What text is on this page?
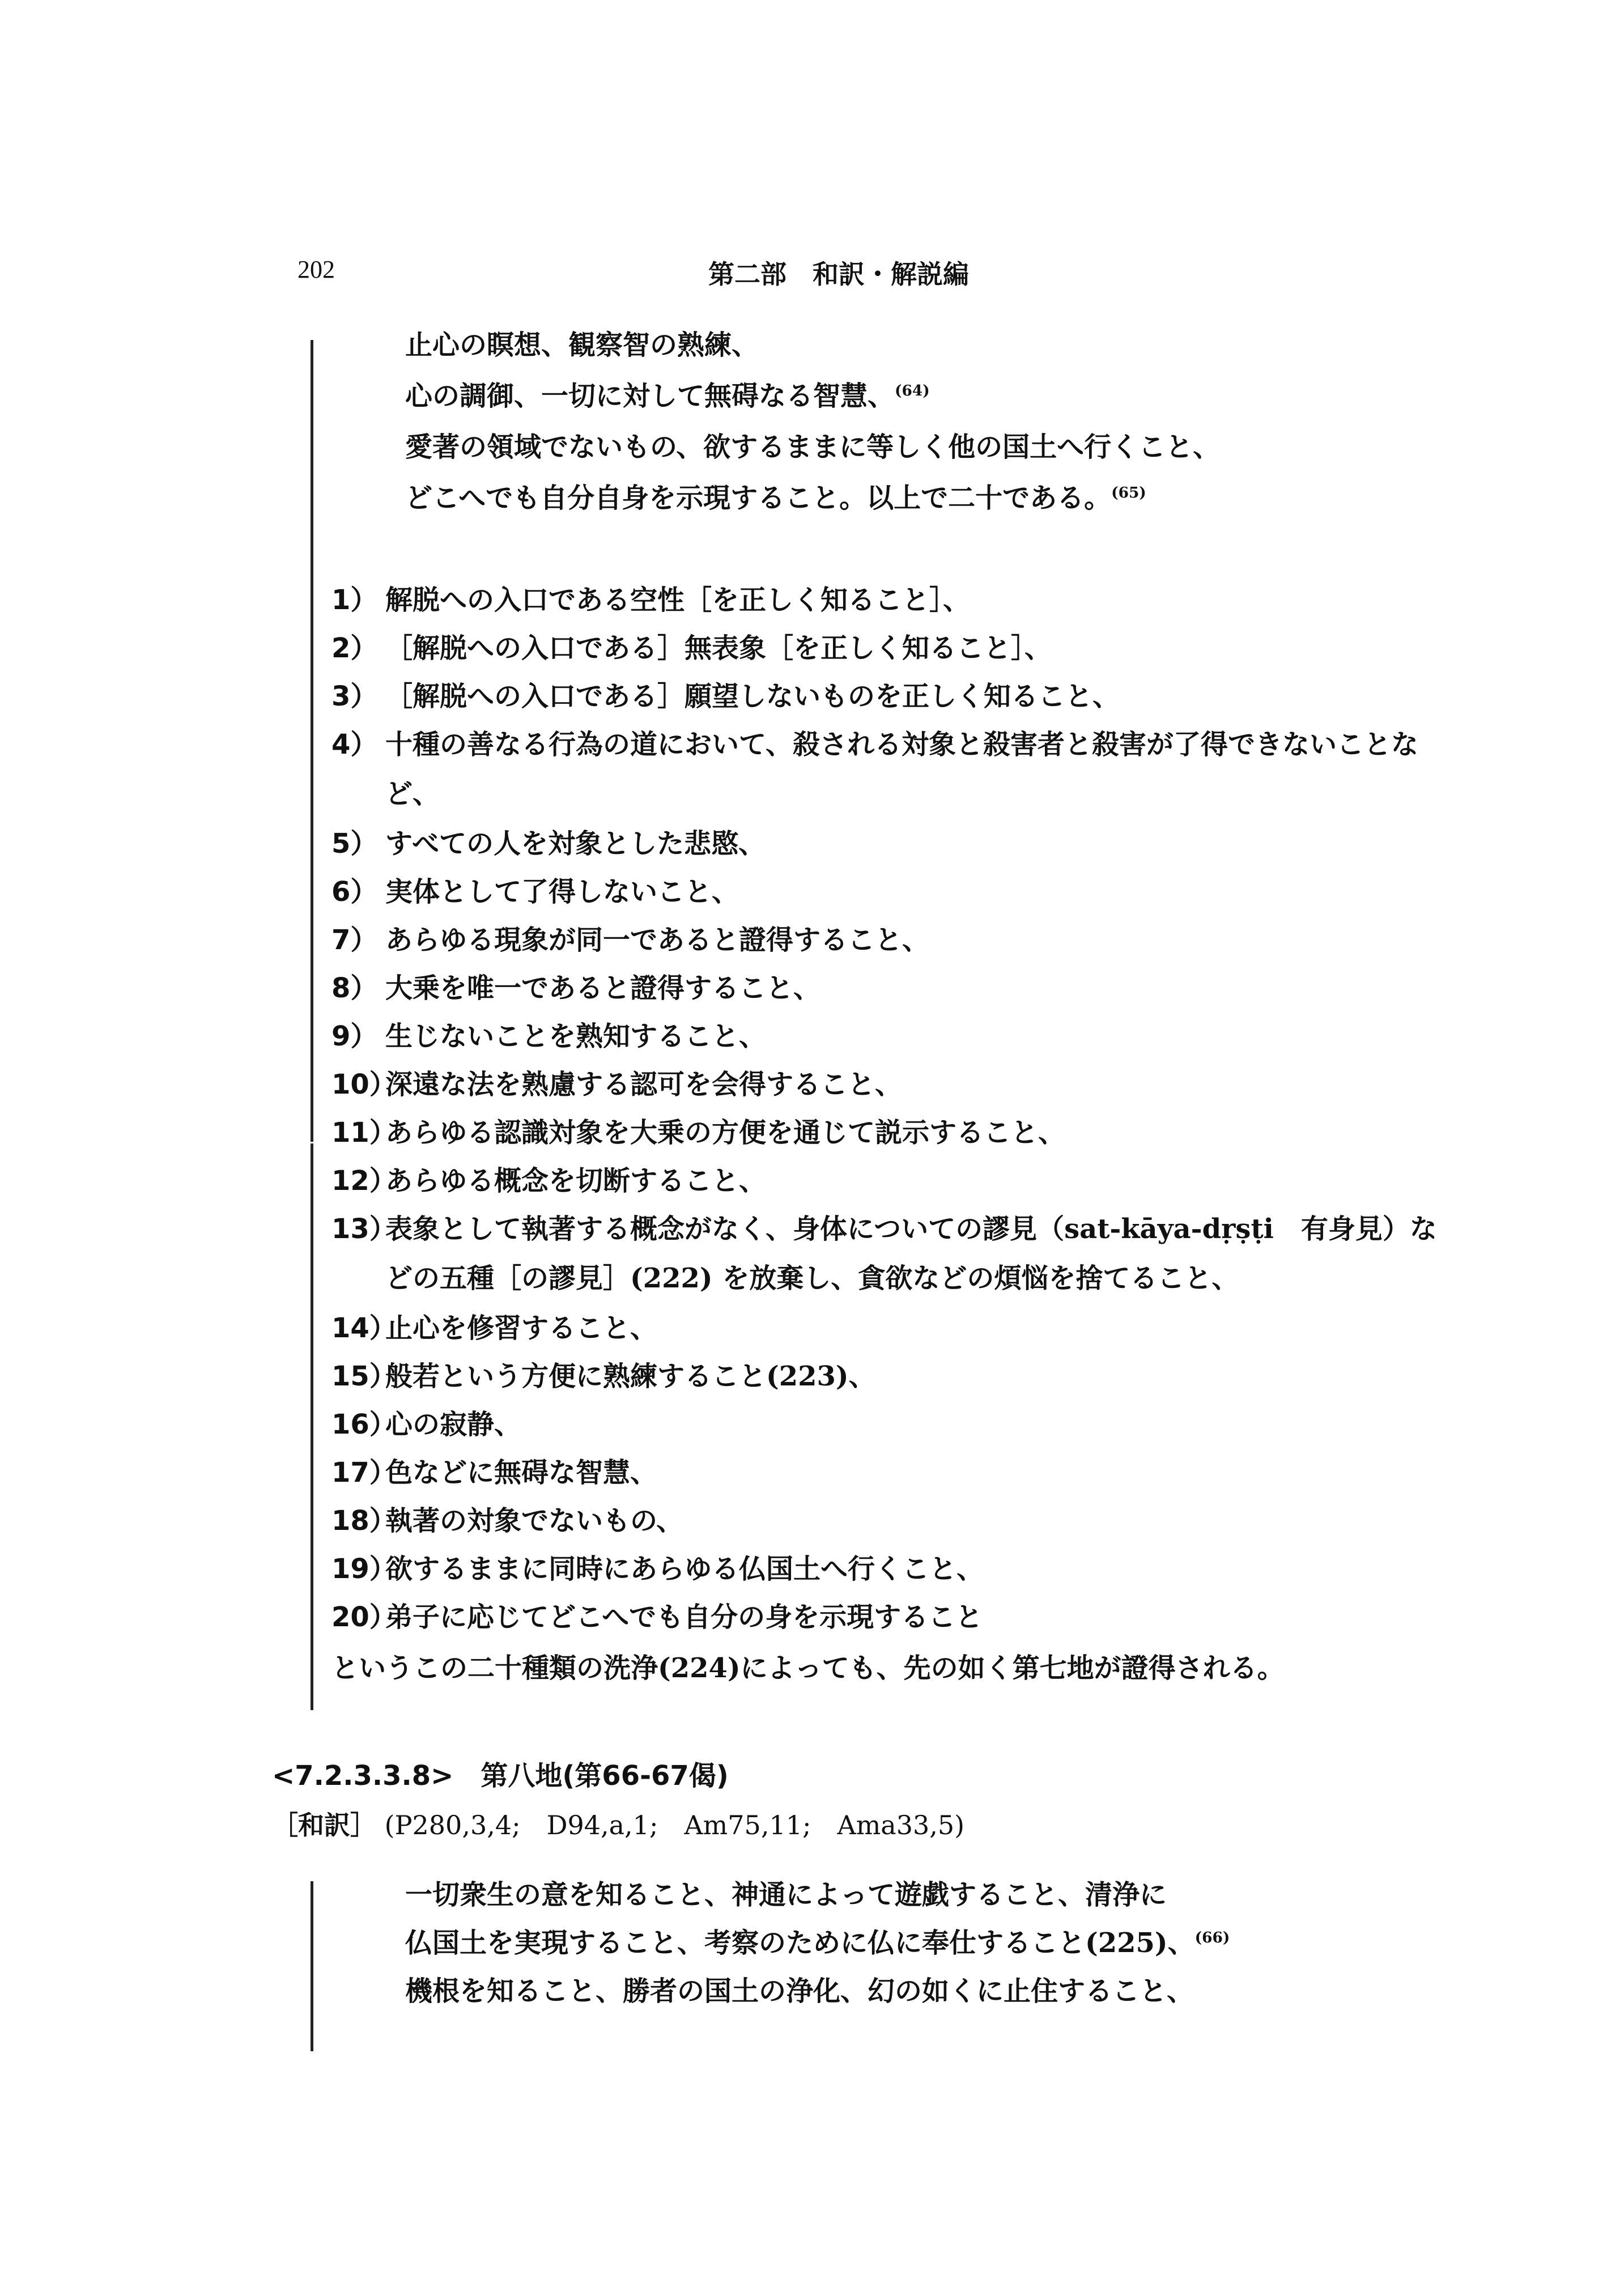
202	第二部　和訳・解説編
止心の瞑想、観察智の熟練、
心の調御、一切に対して無碍なる智慧、$^{(64)}$
愛著の領域でないもの、欲するままに等しく他の国土へ行くこと、
どこへでも自分自身を示現すること。以上で二十である。$^{(65)}$
1） 解脱への入口である空性［を正しく知ること］、
2） ［解脱への入口である］無表象［を正しく知ること］、
3） ［解脱への入口である］願望しないものを正しく知ること、
4） 十種の善なる行為の道において、殺される対象と殺害者と殺害が了得できないことな
ど、
5） すべての人を対象とした悲愍、
6） 実体として了得しないこと、
7） あらゆる現象が同一であると證得すること、
8） 大乗を唯一であると證得すること、
9） 生じないことを熟知すること、
10）深遠な法を熟慮する認可を会得すること、
11）あらゆる認識対象を大乗の方便を通じて説示すること、
12）あらゆる概念を切断すること、
13）表象として執著する概念がなく、身体についての謬見（sat-kāya-dṛṣṭi　有身見）な
どの五種［の謬見］(222) を放棄し、貪欲などの煩悩を捨てること、
14）止心を修習すること、
15）般若という方便に熟練すること(223)、
16）心の寂静、
17）色などに無碍な智慧、
18）執著の対象でないもの、
19）欲するままに同時にあらゆる仏国土へ行くこと、
20）弟子に応じてどこへでも自分の身を示現すること
というこの二十種類の洗浄(224)によっても、先の如く第七地が證得される。
<7.2.3.3.8>　第八地(第66-67偈)
［和訳］ (P280,3,4;　D94,a,1;　Am75,11;　Ama33,5)
一切衆生の意を知ること、神通によって遊戯すること、清浄に
仏国土を実現すること、考察のために仏に奉仕すること(225)、$^{(66)}$
機根を知ること、勝者の国土の浄化、幻の如くに止住すること、
